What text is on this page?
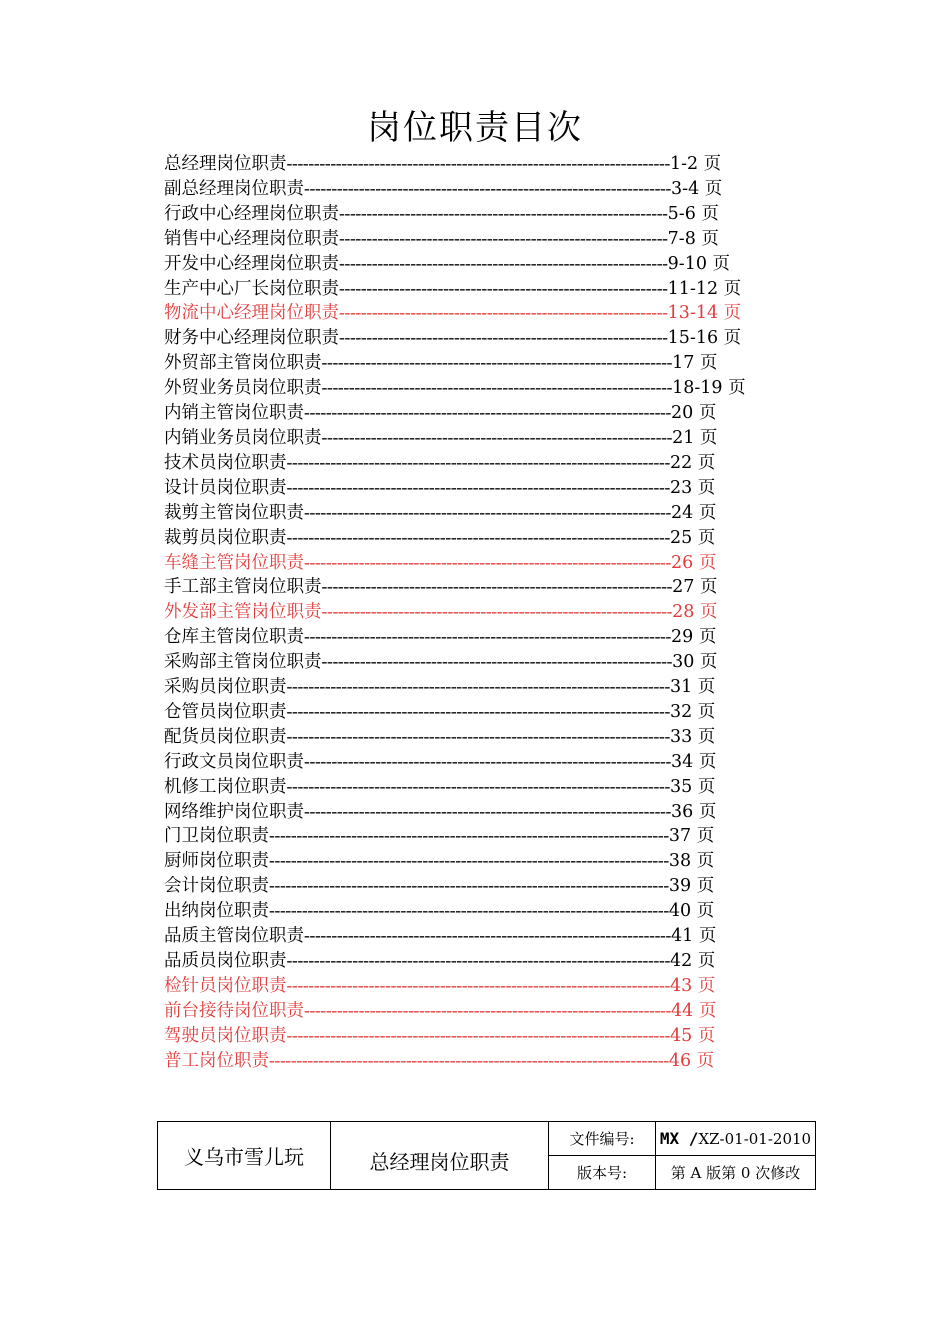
岗位职责目次
总经理岗位职责----------------------------------------------------------------------1-2 页
副总经理岗位职责-------------------------------------------------------------------3-4 页
行政中心经理岗位职责------------------------------------------------------------5-6 页
销售中心经理岗位职责------------------------------------------------------------7-8 页
开发中心经理岗位职责------------------------------------------------------------9-10 页
生产中心厂长岗位职责------------------------------------------------------------11-12 页
物流中心经理岗位职责------------------------------------------------------------13-14 页
财务中心经理岗位职责------------------------------------------------------------15-16 页
外贸部主管岗位职责----------------------------------------------------------------17 页
外贸业务员岗位职责----------------------------------------------------------------18-19 页
内销主管岗位职责-------------------------------------------------------------------20 页
内销业务员岗位职责----------------------------------------------------------------21 页
技术员岗位职责----------------------------------------------------------------------22 页
设计员岗位职责----------------------------------------------------------------------23 页
裁剪主管岗位职责-------------------------------------------------------------------24 页
裁剪员岗位职责----------------------------------------------------------------------25 页
车缝主管岗位职责-------------------------------------------------------------------26 页
手工部主管岗位职责----------------------------------------------------------------27 页
外发部主管岗位职责----------------------------------------------------------------28 页
仓库主管岗位职责-------------------------------------------------------------------29 页
采购部主管岗位职责----------------------------------------------------------------30 页
采购员岗位职责----------------------------------------------------------------------31 页
仓管员岗位职责----------------------------------------------------------------------32 页
配货员岗位职责----------------------------------------------------------------------33 页
行政文员岗位职责-------------------------------------------------------------------34 页
机修工岗位职责----------------------------------------------------------------------35 页
网络维护岗位职责-------------------------------------------------------------------36 页
门卫岗位职责-------------------------------------------------------------------------37 页
厨师岗位职责-------------------------------------------------------------------------38 页
会计岗位职责-------------------------------------------------------------------------39 页
出纳岗位职责-------------------------------------------------------------------------40 页
品质主管岗位职责-------------------------------------------------------------------41 页
品质员岗位职责----------------------------------------------------------------------42 页
检针员岗位职责----------------------------------------------------------------------43 页
前台接待岗位职责-------------------------------------------------------------------44 页
驾驶员岗位职责----------------------------------------------------------------------45 页
普工岗位职责-------------------------------------------------------------------------46 页
义乌市雪儿玩	总经理岗位职责	文件编号:	MX /XZ-01-01-2010
		版本号:	第 A 版第 0 次修改
